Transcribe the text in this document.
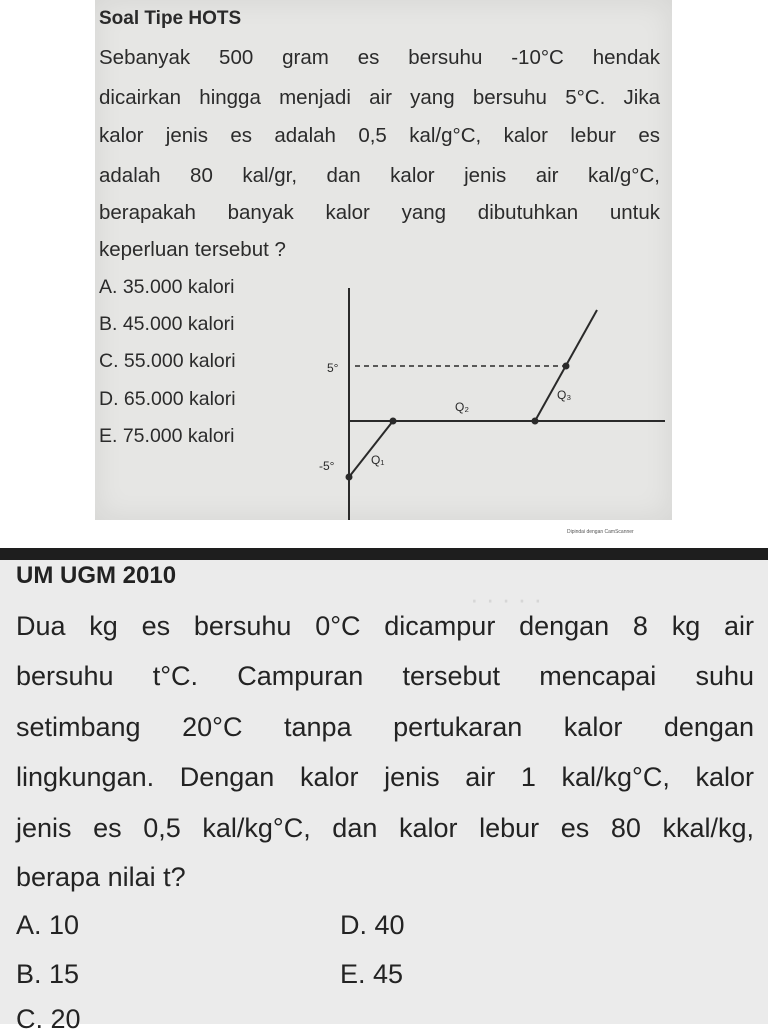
Soal Tipe HOTS
Sebanyak 500 gram es bersuhu -10°C hendak
dicairkan hingga menjadi air yang bersuhu 5°C. Jika
kalor jenis es adalah 0,5 kal/g°C, kalor lebur es
adalah 80 kal/gr, dan kalor jenis air kal/g°C,
berapakah banyak kalor yang dibutuhkan untuk
keperluan tersebut ?
A. 35.000 kalori
B. 45.000 kalori
C. 55.000 kalori
D. 65.000 kalori
E. 75.000 kalori
5°
-5°
Q₂
Q₃
Q₁
Dipindai dengan CamScanner
· · · · ·
UM UGM 2010
Dua kg es bersuhu 0°C dicampur dengan 8 kg air
bersuhu t°C. Campuran tersebut mencapai suhu
setimbang 20°C tanpa pertukaran kalor dengan
lingkungan. Dengan kalor jenis air 1 kal/kg°C, kalor
jenis es 0,5 kal/kg°C, dan kalor lebur es 80 kkal/kg,
berapa nilai t?
A. 10
B. 15
C. 20
D. 40
E. 45
